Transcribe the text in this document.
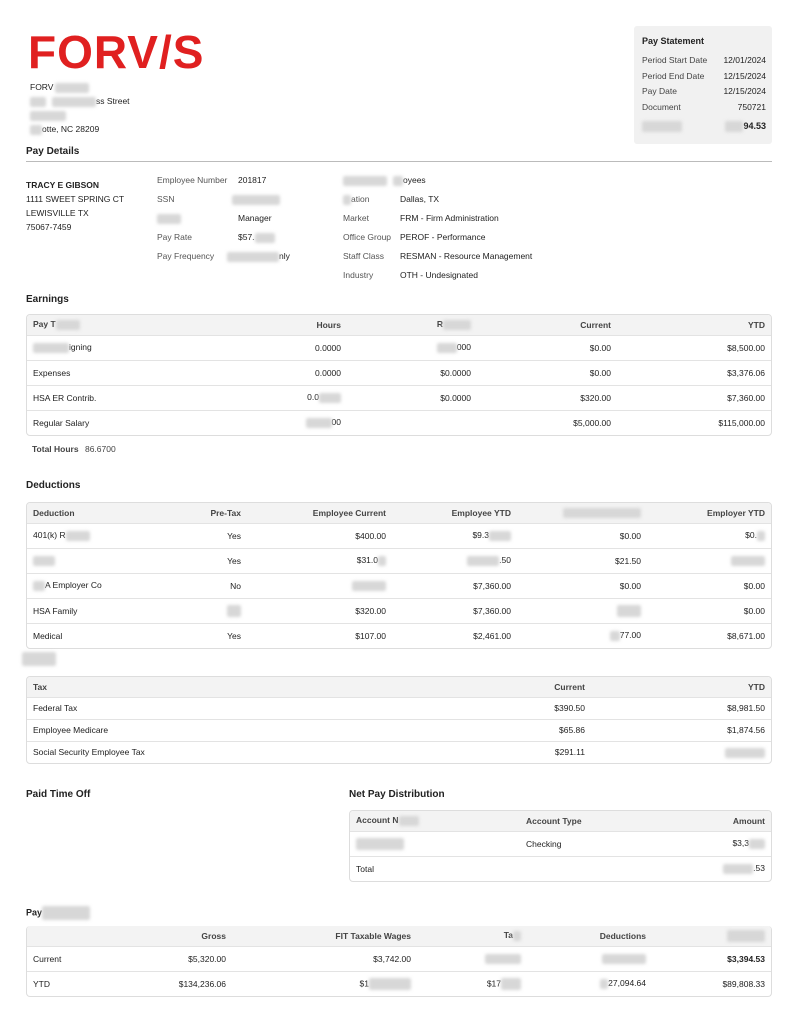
FORV/S
FORV
ss Street
otte, NC 28209
Pay Statement
Period Start Date 12/01/2024
Period End Date 12/15/2024
Pay Date	12/15/2024
Document	750721
94.53
Pay Details
TRACY E GIBSON
1111 SWEET SPRING CT
LEWISVILLE TX
75067-7459
Employee Number 201817
SSN
Manager
Pay Rate	$57.
Pay Frequency	nly
oyees
ation	Dallas, TX
Market	FRM - Firm Administration
Office Group PEROF - Performance
Staff Class RESMAN - Resource Management
Industry	OTH - Undesignated
Earnings
Pay T	Hours	R	Current	YTD
igning	0.0000	000	$0.00	$8,500.00
Expenses	0.0000	$0.0000	$0.00	$3,376.06
HSA ER Contrib.	0.0	$0.0000	$320.00	$7,360.00
Regular Salary	00		$5,000.00	$115,000.00
Total Hours 86.6700
Deductions
Deduction	Pre-Tax	Employee Current	Employee YTD		Employer YTD
401(k) R	Yes	$400.00	$9.3	$0.00	$0.
	Yes	$31.0	.50	$21.50	
A Employer Co	No		$7,360.00	$0.00	$0.00
HSA Family		$320.00	$7,360.00		$0.00
Medical	Yes	$107.00	$2,461.00	77.00	$8,671.00
Tax	Current	YTD
Federal Tax	$390.50	$8,981.50
Employee Medicare	$65.86	$1,874.56
Social Security Employee Tax	$291.11	
Paid Time Off	Net Pay Distribution
Account N	Account Type	Amount
	Checking	$3,3
Total		.53
Pay
	Gross	FIT Taxable Wages	Ta	Deductions	
Current	$5,320.00	$3,742.00			$3,394.53
YTD	$134,236.06	$1	$17	27,094.64	$89,808.33
